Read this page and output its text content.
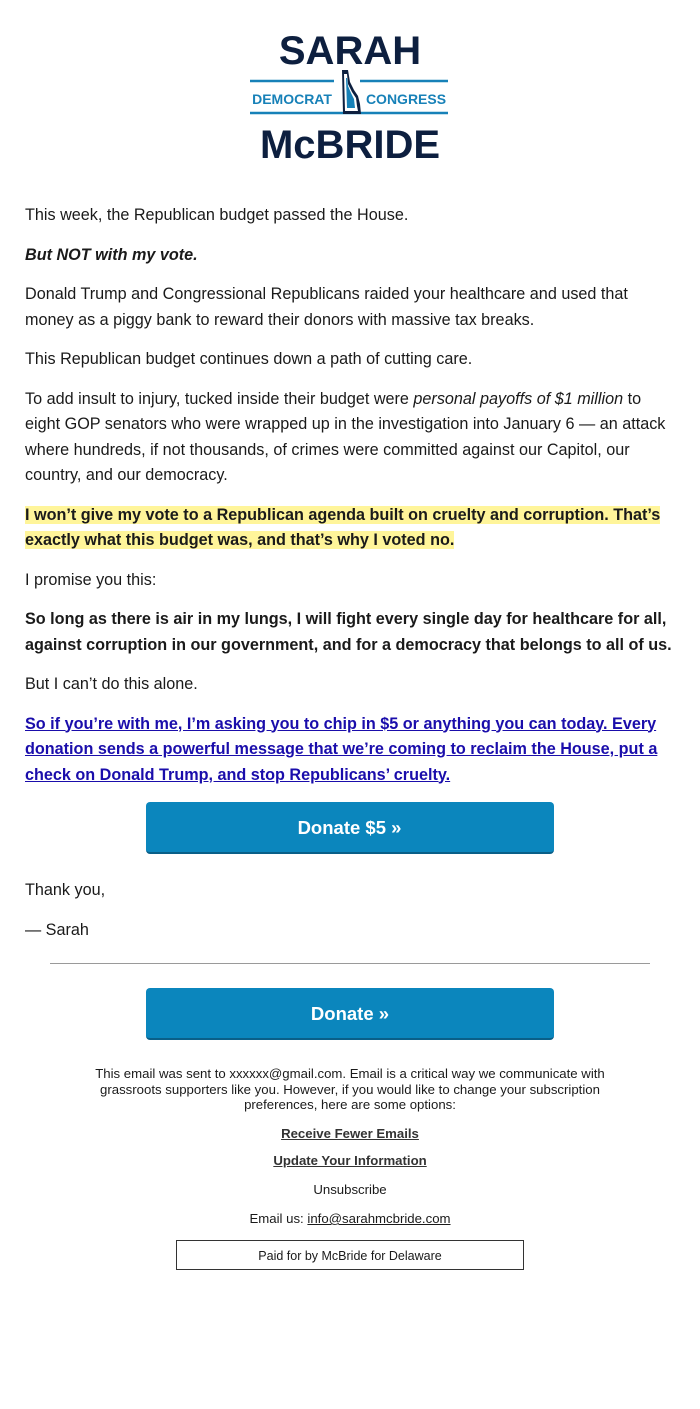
SARAH
DEMOCRAT CONGRESS
McBRIDE

This week, the Republican budget passed the House.

But NOT with my vote.

Donald Trump and Congressional Republicans raided your healthcare and used that money as a piggy bank to reward their donors with massive tax breaks.

This Republican budget continues down a path of cutting care.

To add insult to injury, tucked inside their budget were personal payoffs of $1 million to eight GOP senators who were wrapped up in the investigation into January 6 — an attack where hundreds, if not thousands, of crimes were committed against our Capitol, our country, and our democracy.

I won’t give my vote to a Republican agenda built on cruelty and corruption. That’s exactly what this budget was, and that’s why I voted no.

I promise you this:

So long as there is air in my lungs, I will fight every single day for healthcare for all, against corruption in our government, and for a democracy that belongs to all of us.

But I can’t do this alone.

So if you’re with me, I’m asking you to chip in $5 or anything you can today. Every donation sends a powerful message that we’re coming to reclaim the House, put a check on Donald Trump, and stop Republicans’ cruelty.

Donate $5 »

Thank you,

— Sarah

Donate »
This email was sent to xxxxxx@gmail.com. Email is a critical way we communicate with grassroots supporters like you. However, if you would like to change your subscription preferences, here are some options:
Receive Fewer Emails
Update Your Information
Unsubscribe
Email us: info@sarahmcbride.com
Paid for by McBride for Delaware
